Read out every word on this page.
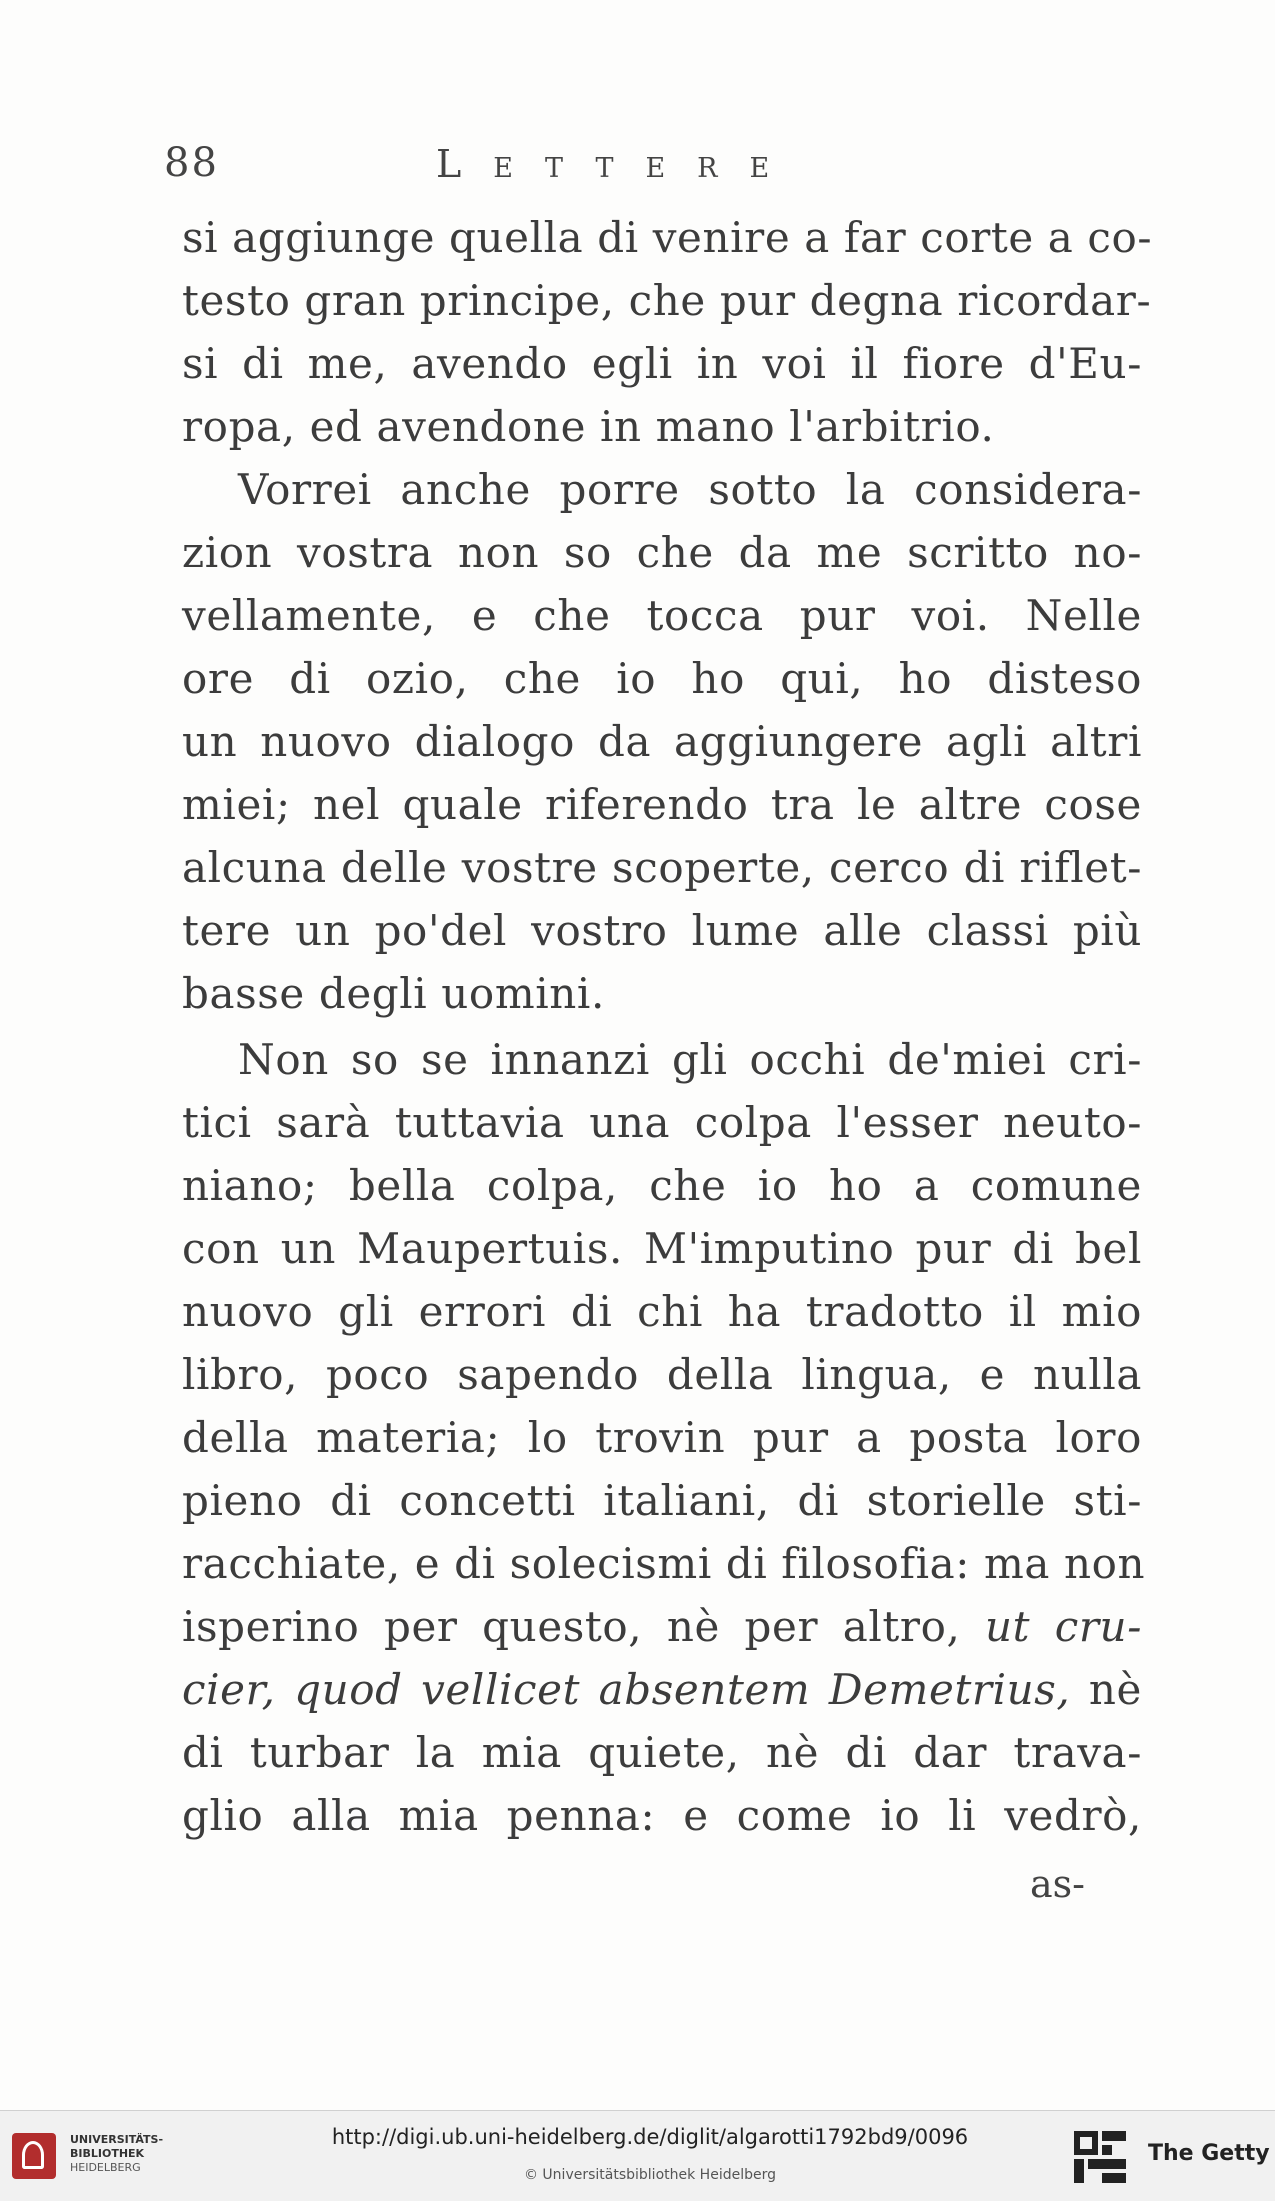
88	Lettere
si aggiunge quella di venire a far corte a co-
testo gran principe, che pur degna ricordar-
si di me, avendo egli in voi il fiore d'Eu-
ropa, ed avendone in mano l'arbitrio.
Vorrei anche porre sotto la considera-
zion vostra non so che da me scritto no-
vellamente, e che tocca pur voi. Nelle
ore di ozio, che io ho qui, ho disteso
un nuovo dialogo da aggiungere agli altri
miei; nel quale riferendo tra le altre cose
alcuna delle vostre scoperte, cerco di riflet-
tere un po'del vostro lume alle classi più
basse degli uomini.
Non so se innanzi gli occhi de'miei cri-
tici sarà tuttavia una colpa l'esser neuto-
niano; bella colpa, che io ho a comune
con un Maupertuis. M'imputino pur di bel
nuovo gli errori di chi ha tradotto il mio
libro, poco sapendo della lingua, e nulla
della materia; lo trovin pur a posta loro
pieno di concetti italiani, di storielle sti-
racchiate, e di solecismi di filosofia: ma non
isperino per questo, nè per altro, ut cru-
cier, quod vellicet absentem Demetrius, nè
di turbar la mia quiete, nè di dar trava-
glio alla mia penna: e come io li vedrò,
as-
UNIVERSITÄTS-
BIBLIOTHEK
HEIDELBERG
http://digi.ub.uni-heidelberg.de/diglit/algarotti1792bd9/0096
© Universitätsbibliothek Heidelberg
The Getty
